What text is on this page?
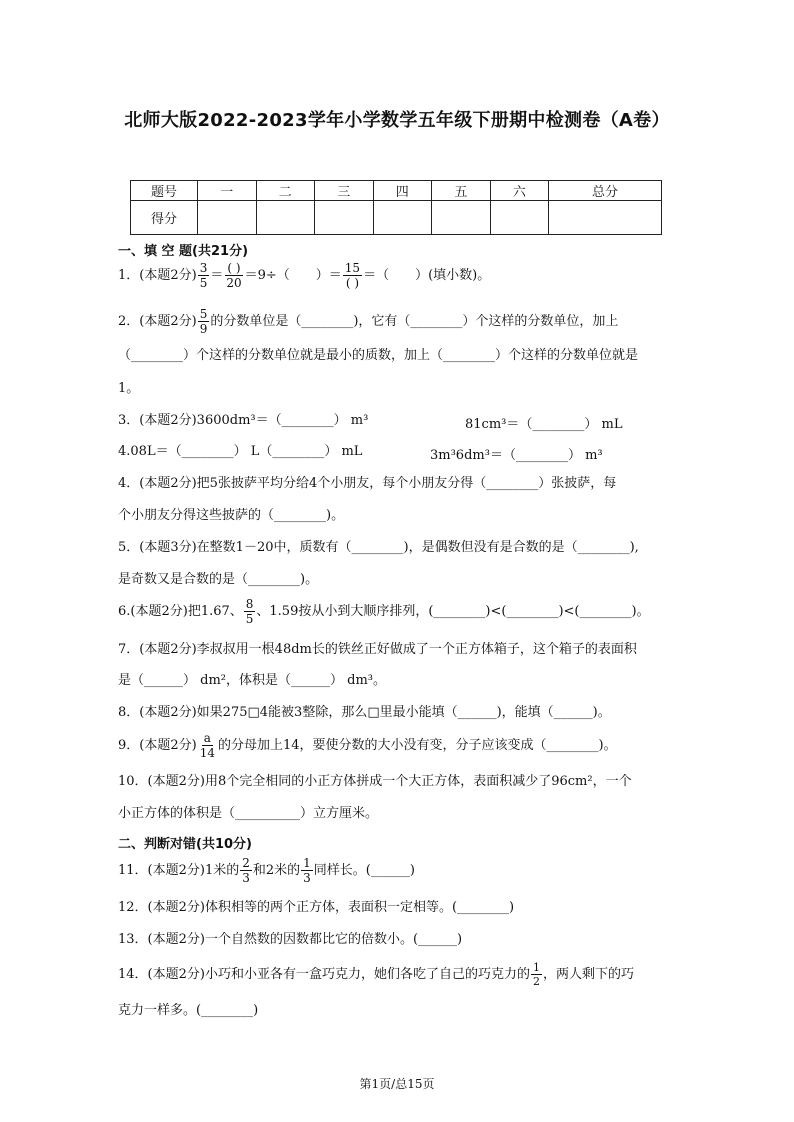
北师大版2022-2023学年小学数学五年级下册期中检测卷（A卷）
题号	一	二	三	四	五	六	总分
得分							
一、填 空 题(共21分)
1．(本题2分) $\frac{3}{5} = \frac{( )}{20} =9\div$（　　）＝ $\frac{15}{( )}$ ＝（　　）(填小数)。
2．(本题2分) $\frac{5}{9}$ 的分数单位是（________)，它有（________）个这样的分数单位，加上
（________）个这样的分数单位就是最小的质数，加上（________）个这样的分数单位就是
1。
3．(本题2分)3600dm³＝（________） m³	81cm³＝（________） mL
4.08L＝（________） L（________） mL	3m³6dm³＝（________） m³
4．(本题2分)把5张披萨平均分给4个小朋友，每个小朋友分得（________）张披萨，每
个小朋友分得这些披萨的（________)。
5．(本题3分)在整数1－20中，质数有（________)，是偶数但没有是合数的是（________),
是奇数又是合数的是（________)。
6.(本题2分)把1.67、 $\frac{8}{5}$ 、1.59按从小到大顺序排列，(________)<(________)<(________)。
7．(本题2分)李叔叔用一根48dm长的铁丝正好做成了一个正方体箱子，这个箱子的表面积
是（______） dm²，体积是（______） dm³。
8．(本题2分)如果275□4能被3整除，那么□里最小能填（______)，能填（______)。
9．(本题2分) $\frac{a}{14}$ 的分母加上14，要使分数的大小没有变，分子应该变成（________)。
10．(本题2分)用8个完全相同的小正方体拼成一个大正方体，表面积减少了96cm²，一个
小正方体的体积是（__________）立方厘米。
二、判断对错(共10分)
11．(本题2分)1米的 $\frac{2}{3}$ 和2米的 $\frac{1}{3}$ 同样长。(______)
12．(本题2分)体积相等的两个正方体，表面积一定相等。(________)
13．(本题2分)一个自然数的因数都比它的倍数小。(______)
14．(本题2分)小巧和小亚各有一盒巧克力，她们各吃了自己的巧克力的 $\frac{1}{2}$ ，两人剩下的巧
克力一样多。(________)
第1页/总15页
